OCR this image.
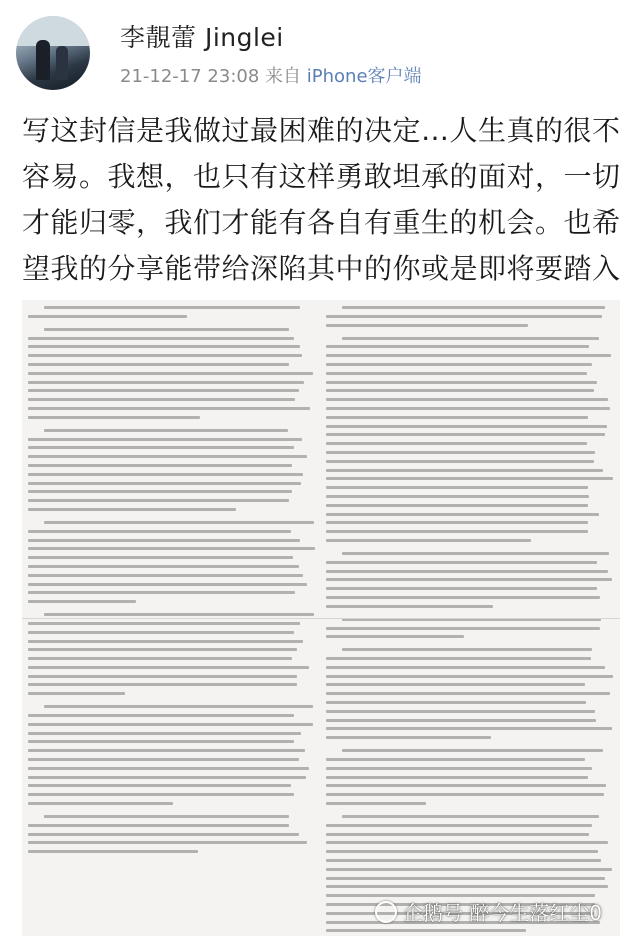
李靚蕾 Jinglei
21-12-17 23:08 来自 iPhone客户端
写这封信是我做过最困难的决定…人生真的很不容易。我想，也只有这样勇敢坦承的面对，一切才能归零，我们才能有各自有重生的机会。也希望我的分享能带给深陷其中的你或是即将要踏入
企鹅号 醉今生落红尘0
